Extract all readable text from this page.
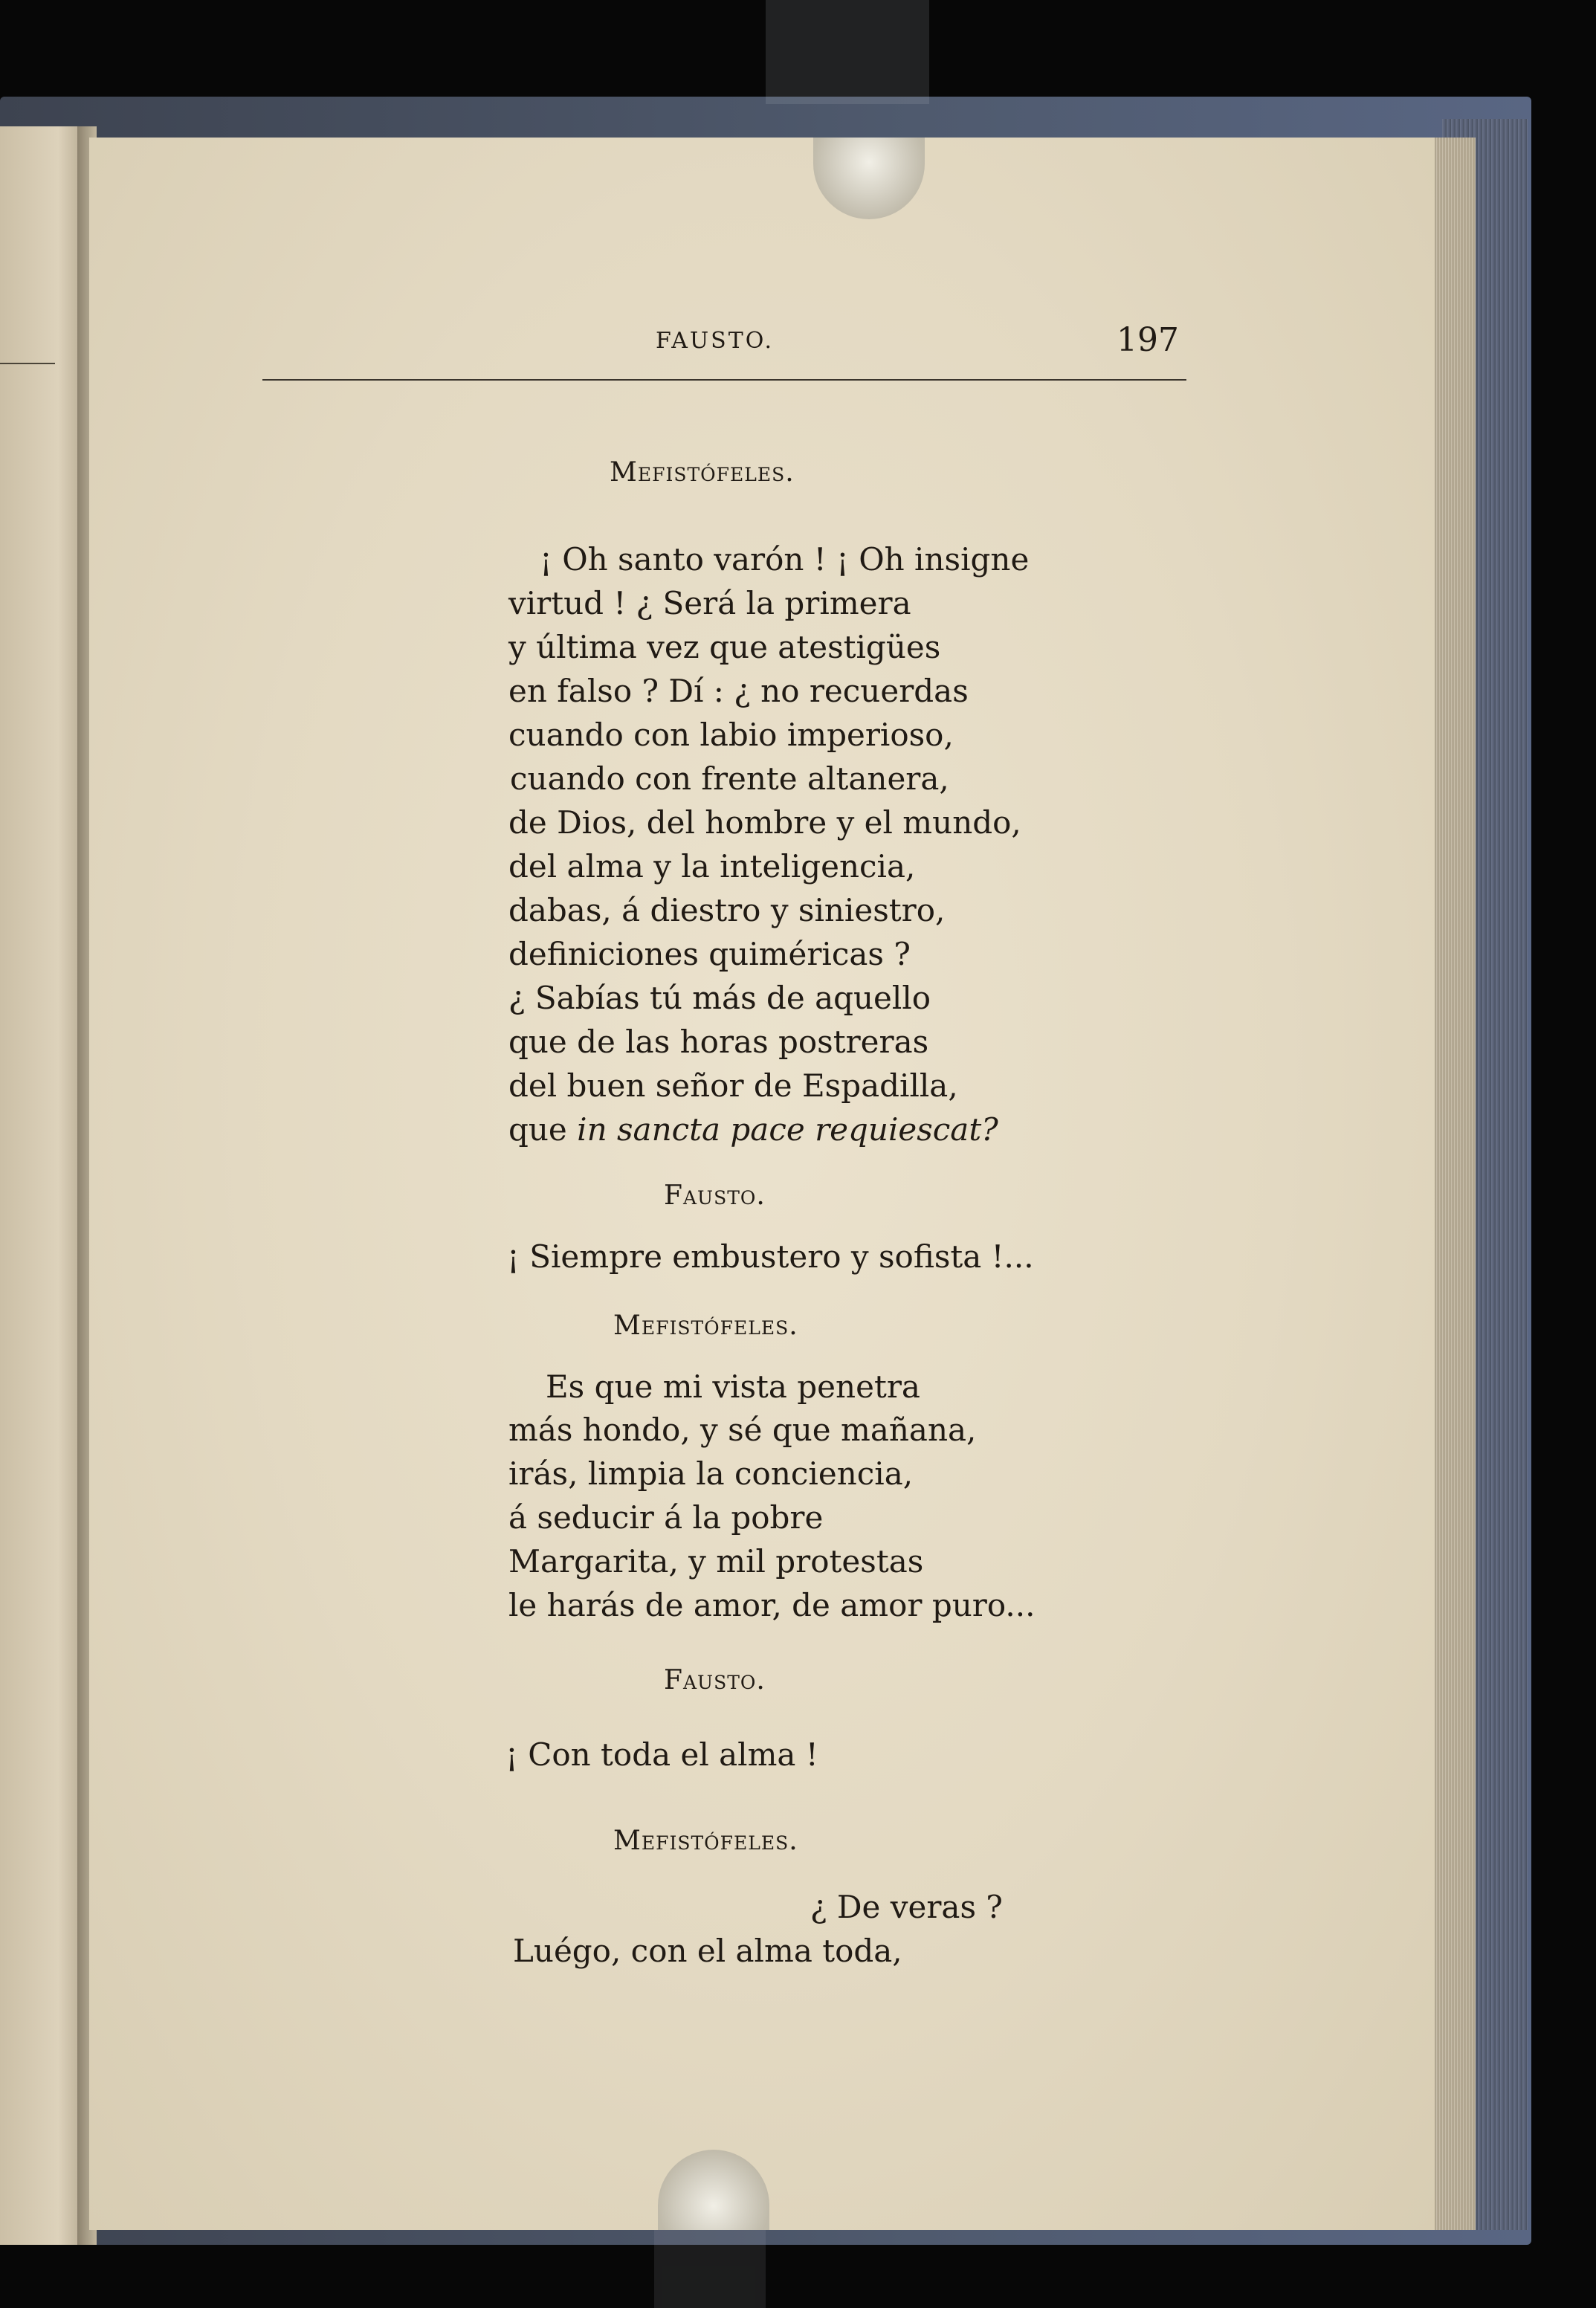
FAUSTO.	197
Mefistófeles.
¡ Oh santo varón ! ¡ Oh insigne
virtud ! ¿ Será la primera
y última vez que atestigües
en falso ? Dí : ¿ no recuerdas
cuando con labio imperioso,
cuando con frente altanera,
de Dios, del hombre y el mundo,
del alma y la inteligencia,
dabas, á diestro y siniestro,
definiciones quiméricas ?
¿ Sabías tú más de aquello
que de las horas postreras
del buen señor de Espadilla,
que in sancta pace requiescat?
Fausto.
¡ Siempre embustero y sofista !...
Mefistófeles.
Es que mi vista penetra
más hondo, y sé que mañana,
irás, limpia la conciencia,
á seducir á la pobre
Margarita, y mil protestas
le harás de amor, de amor puro...
Fausto.
¡ Con toda el alma !
Mefistófeles.
¿ De veras ?
Luégo, con el alma toda,
